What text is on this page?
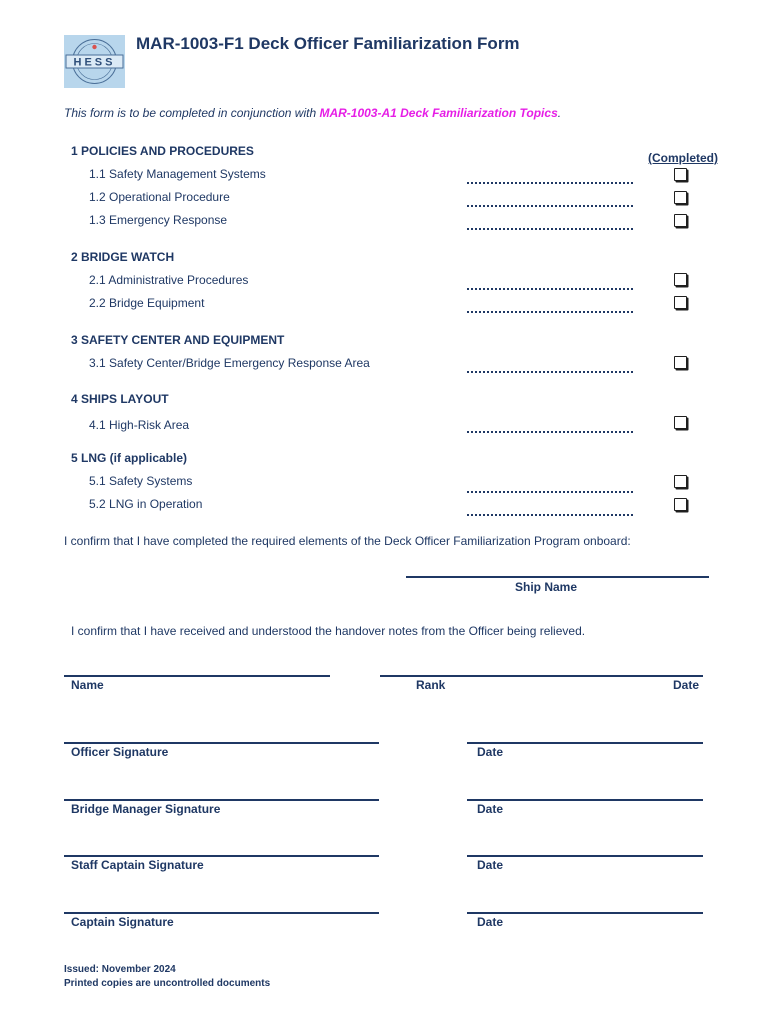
HESS
MAR-1003-F1 Deck Officer Familiarization Form
This form is to be completed in conjunction with MAR-1003-A1 Deck Familiarization Topics.
(Completed)
1 POLICIES AND PROCEDURES
1.1 Safety Management Systems
1.2 Operational Procedure
1.3 Emergency Response
2 BRIDGE WATCH
2.1 Administrative Procedures
2.2 Bridge Equipment
3 SAFETY CENTER AND EQUIPMENT
3.1 Safety Center/Bridge Emergency Response Area
4 SHIPS LAYOUT
4.1 High-Risk Area
5 LNG (if applicable)
5.1 Safety Systems
5.2 LNG in Operation
I confirm that I have completed the required elements of the Deck Officer Familiarization Program onboard:
Ship Name
I confirm that I have received and understood the handover notes from the Officer being relieved.
Name	Rank	Date
Officer Signature	Date
Bridge Manager Signature	Date
Staff Captain Signature	Date
Captain Signature	Date
Issued: November 2024
Printed copies are uncontrolled documents
